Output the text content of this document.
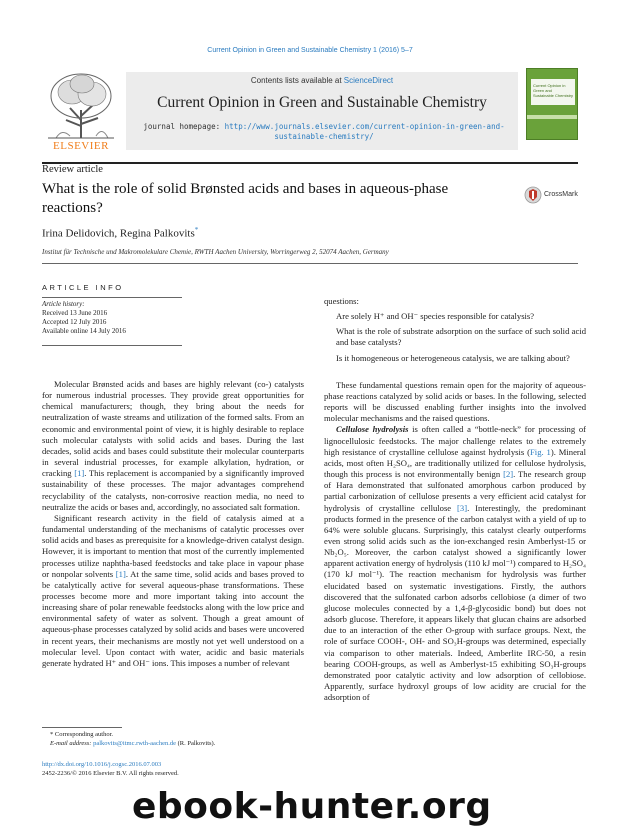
Current Opinion in Green and Sustainable Chemistry 1 (2016) 5–7
ELSEVIER
Contents lists available at ScienceDirect
Current Opinion in Green and Sustainable Chemistry
journal homepage: http://www.journals.elsevier.com/current-opinion-in-green-and-sustainable-chemistry/
Current Opinion in
Green and
Sustainable Chemistry
Review article
What is the role of solid Brønsted acids and bases in aqueous-phase reactions?
CrossMark
Irina Delidovich, Regina Palkovits*
Institut für Technische und Makromolekulare Chemie, RWTH Aachen University, Worringerweg 2, 52074 Aachen, Germany
ARTICLE INFO
Article history:
Received 13 June 2016
Accepted 12 July 2016
Available online 14 July 2016

Molecular Brønsted acids and bases are highly relevant (co-) catalysts for numerous industrial processes. They provide great opportunities for chemical manufacturers; though, they bring about the needs for neutralization of waste streams and utilization of the formed salts. From an economic and environmental point of view, it is highly desirable to replace such molecular catalysts with solid acids and bases. During the last decades, solid acids and bases could substitute their molecular counterparts in several industrial processes, for example alkylation, hydration, or cracking [1]. This replacement is accompanied by a significantly improved sustainability of these processes. The major advantages comprehend recyclability of the catalysts, non-corrosive reaction media, no need to neutralize the acids or bases and, accordingly, no associated salt formation.

Significant research activity in the field of catalysis aimed at a fundamental understanding of the mechanisms of catalytic processes over solid acids and bases as prerequisite for a knowledge-driven catalyst design. However, it is important to mention that most of the currently implemented processes utilize naphtha-based feedstocks and take place in vapour phase or nonpolar solvents [1]. At the same time, solid acids and bases proved to be catalytically active for several aqueous-phase transformations. These processes become more and more important taking into account the increasing share of polar renewable feedstocks along with the low price and environmental safety of water as solvent. Though a great amount of aqueous-phase processes catalyzed by solid acids and bases were uncovered in recent years, their mechanisms are mostly not yet well understood on a molecular level. Upon contact with water, acidic and basic materials generate hydrated H⁺ and OH⁻ ions. This imposes a number of relevant

questions:

Are solely H⁺ and OH⁻ species responsible for catalysis?

What is the role of substrate adsorption on the surface of such solid acid and base catalysts?

Is it homogeneous or heterogeneous catalysis, we are talking about?

These fundamental questions remain open for the majority of aqueous-phase reactions catalyzed by solid acids or bases. In the following, selected reports will be discussed enabling further insights into the involved molecular mechanisms and the raised questions.

Cellulose hydrolysis is often called a “bottle-neck” for processing of lignocellulosic feedstocks. The major challenge relates to the extremely high resistance of crystalline cellulose against hydrolysis (Fig. 1). Mineral acids, most often H₂SO₄, are traditionally utilized for cellulose hydrolysis, though this process is not environmentally benign [2]. The research group of Hara demonstrated that sulfonated amorphous carbon produced by partial carbonization of cellulose presents a very efficient acid catalyst for hydrolysis of crystalline cellulose [3]. Interestingly, the predominant products formed in the presence of the carbon catalyst with a yield of up to 64% were soluble glucans. Surprisingly, this catalyst clearly outperforms even strong solid acids such as the ion-exchanged resin Amberlyst-15 or Nb₂O₅. Moreover, the carbon catalyst showed a significantly lower apparent activation energy of hydrolysis (110 kJ mol⁻¹) compared to H₂SO₄ (170 kJ mol⁻¹). The reaction mechanism for hydrolysis was further elucidated based on systematic investigations. Firstly, the authors discovered that the sulfonated carbon adsorbs cellobiose (a dimer of two glucose molecules connected by a 1,4-β-glycosidic bond) but does not adsorb glucose. Therefore, it appears likely that glucan chains are adsorbed due to an interaction of the ether O-group with surface groups. Next, the role of surface COOH-, OH- and SO₃H-groups was determined, especially via comparison to other materials. Indeed, Amberlite IRC-50, a resin bearing COOH-groups, as well as Amberlyst-15 exhibiting SO₃H-groups demonstrated poor catalytic activity and low adsorption of cellobiose. Apparently, surface hydroxyl groups of low acidity are crucial for the adsorption of

* Corresponding author.
E-mail address: palkovits@itmc.rwth-aachen.de (R. Palkovits).
http://dx.doi.org/10.1016/j.cogsc.2016.07.003
2452-2236/© 2016 Elsevier B.V. All rights reserved.
ebook-hunter.org
